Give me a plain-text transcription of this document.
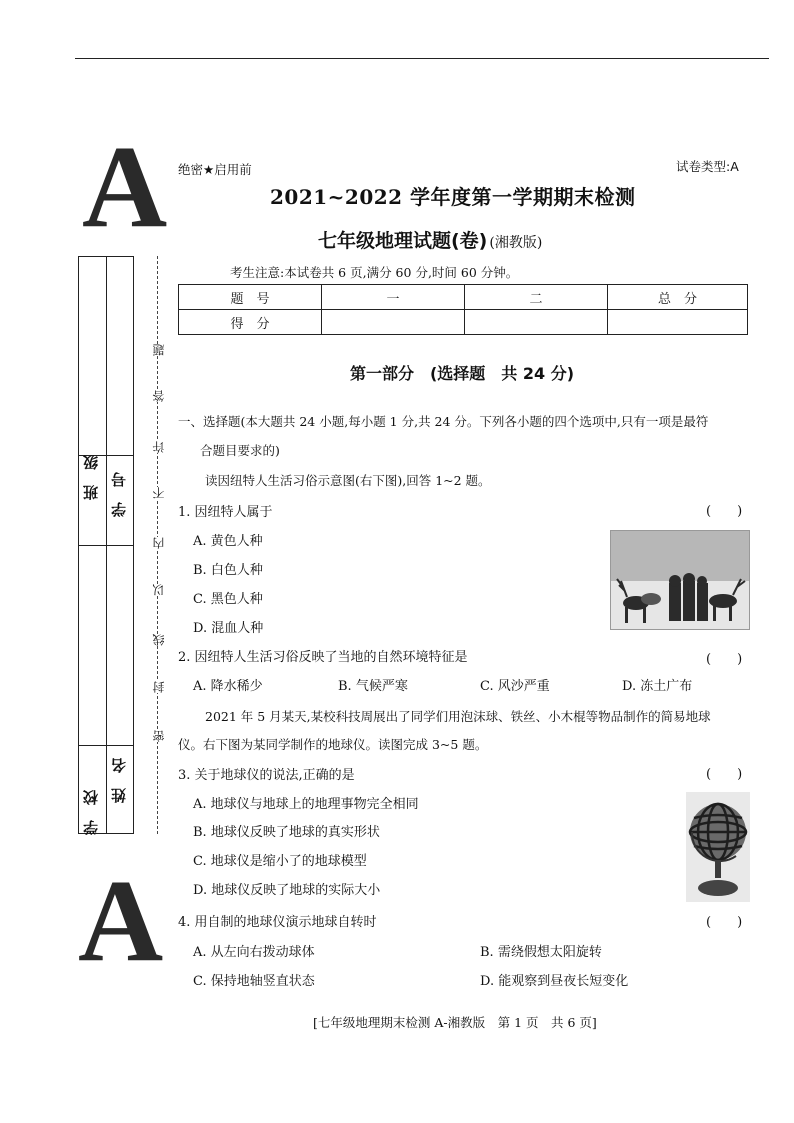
A
A
绝密★启用前	试卷类型:A
2021~2022 学年度第一学期期末检测
七年级地理试题(卷) (湘教版)
考生注意:本试卷共 6 页,满分 60 分,时间 60 分钟。
题　号	一	二	总　分
得　分			
班　级 学　号
学　校
姓　名
题
答
许
不
内
以
线
封
密
第一部分　(选择题　共 24 分)
一、选择题(本大题共 24 小题,每小题 1 分,共 24 分。下列各小题的四个选项中,只有一项是最符
合题目要求的)
读因纽特人生活习俗示意图(右下图),回答 1~2 题。
1. 因纽特人属于	(　　)
A. 黄色人种
B. 白色人种
C. 黑色人种
D. 混血人种
2. 因纽特人生活习俗反映了当地的自然环境特征是	(　　)
A. 降水稀少	B. 气候严寒	C. 风沙严重	D. 冻土广布
2021 年 5 月某天,某校科技周展出了同学们用泡沫球、铁丝、小木棍等物品制作的简易地球
仪。右下图为某同学制作的地球仪。读图完成 3~5 题。
3. 关于地球仪的说法,正确的是	(　　)
A. 地球仪与地球上的地理事物完全相同
B. 地球仪反映了地球的真实形状
C. 地球仪是缩小了的地球模型
D. 地球仪反映了地球的实际大小
4. 用自制的地球仪演示地球自转时	(　　)
A. 从左向右拨动球体	B. 需绕假想太阳旋转
C. 保持地轴竖直状态	D. 能观察到昼夜长短变化
[七年级地理期末检测 A-湘教版　第 1 页　共 6 页]
